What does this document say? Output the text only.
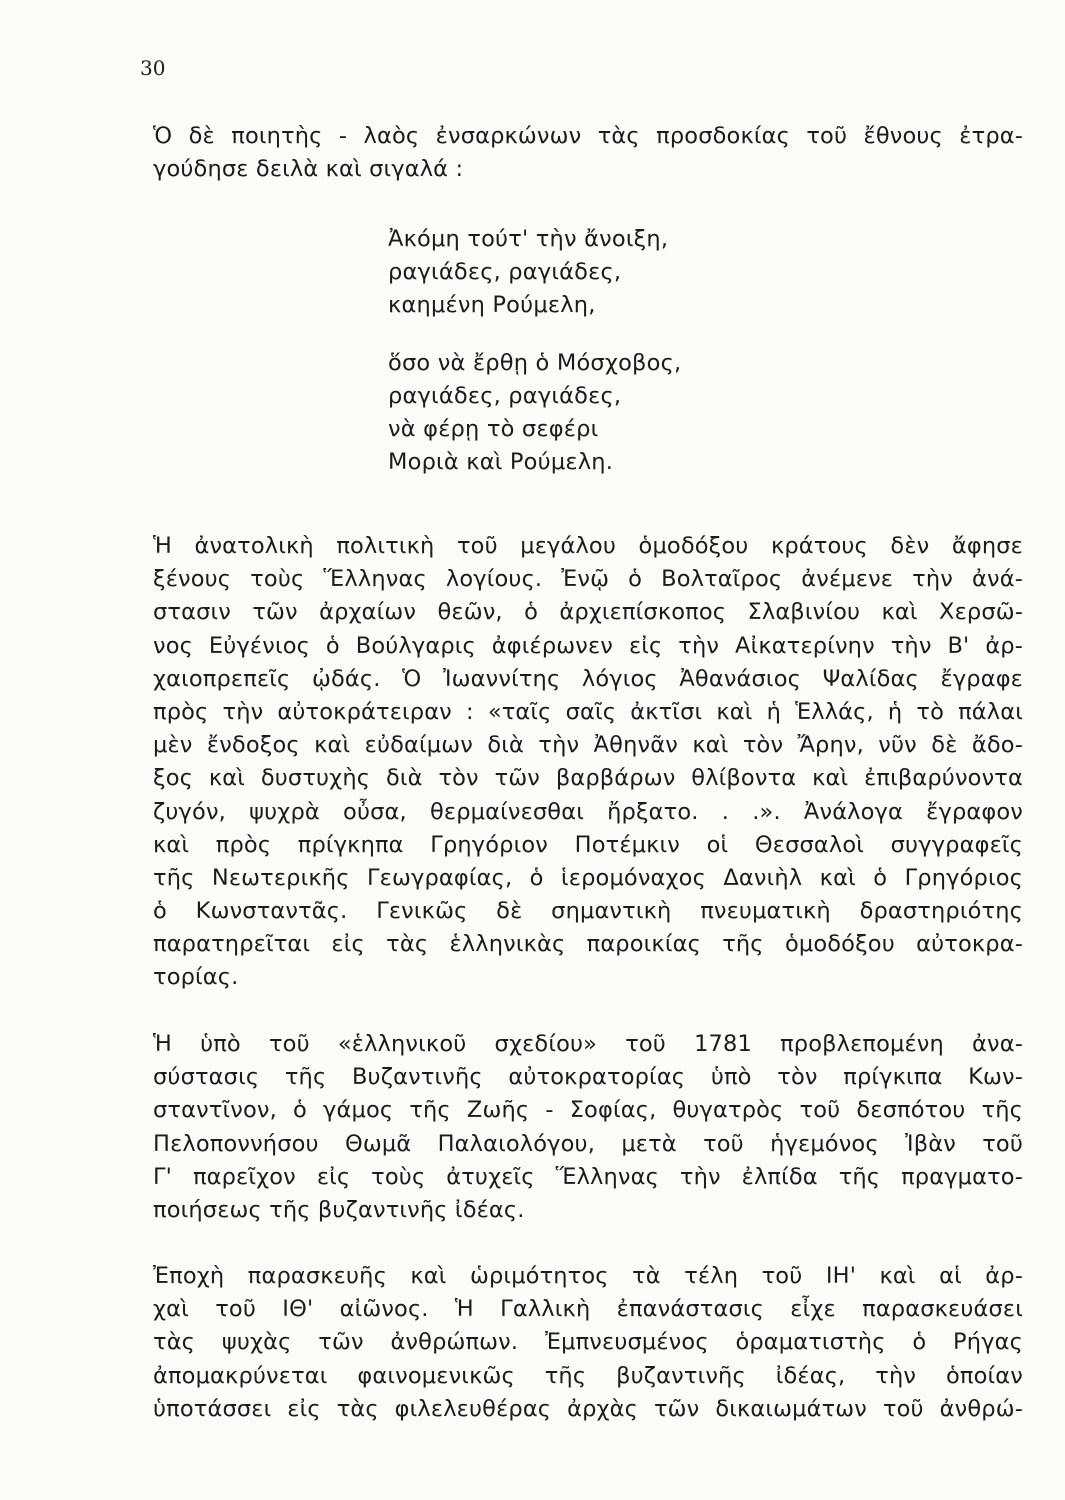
30
Ὁ δὲ ποιητὴς - λαὸς ἐνσαρκώνων τὰς προσδοκίας τοῦ ἔθνους ἐτρα-
γούδησε δειλὰ καὶ σιγαλά :
Ἀκόμη τούτ' τὴν ἄνοιξη,
ραγιάδες, ραγιάδες,
καημένη Ρούμελη,
ὅσο νὰ ἔρθῃ ὁ Μόσχοβος,
ραγιάδες, ραγιάδες,
νὰ φέρῃ τὸ σεφέρι
Μοριὰ καὶ Ρούμελη.
Ἡ ἀνατολικὴ πολιτικὴ τοῦ μεγάλου ὁμοδόξου κράτους δὲν ἄφησε
ξένους τοὺς Ἕλληνας λογίους. Ἐνῷ ὁ Βολταῖρος ἀνέμενε τὴν ἀνά-
στασιν τῶν ἀρχαίων θεῶν, ὁ ἀρχιεπίσκοπος Σλαβινίου καὶ Χερσῶ-
νος Εὐγένιος ὁ Βούλγαρις ἀφιέρωνεν εἰς τὴν Αἰκατερίνην τὴν Β' ἀρ-
χαιοπρεπεῖς ᾠδάς. Ὁ Ἰωαννίτης λόγιος Ἀθανάσιος Ψαλίδας ἔγραφε
πρὸς τὴν αὐτοκράτειραν : «ταῖς σαῖς ἀκτῖσι καὶ ἡ Ἑλλάς, ἡ τὸ πάλαι
μὲν ἔνδοξος καὶ εὐδαίμων διὰ τὴν Ἀθηνᾶν καὶ τὸν Ἄρην, νῦν δὲ ἄδο-
ξος καὶ δυστυχὴς διὰ τὸν τῶν βαρβάρων θλίβοντα καὶ ἐπιβαρύνοντα
ζυγόν, ψυχρὰ οὖσα, θερμαίνεσθαι ἤρξατο. . .». Ἀνάλογα ἔγραφον
καὶ πρὸς πρίγκηπα Γρηγόριον Ποτέμκιν οἱ Θεσσαλοὶ συγγραφεῖς
τῆς Νεωτερικῆς Γεωγραφίας, ὁ ἱερομόναχος Δανιὴλ καὶ ὁ Γρηγόριος
ὁ Κωνσταντᾶς. Γενικῶς δὲ σημαντικὴ πνευματικὴ δραστηριότης
παρατηρεῖται εἰς τὰς ἑλληνικὰς παροικίας τῆς ὁμοδόξου αὐτοκρα-
τορίας.
Ἡ ὑπὸ τοῦ «ἑλληνικοῦ σχεδίου» τοῦ 1781 προβλεπομένη ἀνα-
σύστασις τῆς Βυζαντινῆς αὐτοκρατορίας ὑπὸ τὸν πρίγκιπα Κων-
σταντῖνον, ὁ γάμος τῆς Ζωῆς - Σοφίας, θυγατρὸς τοῦ δεσπότου τῆς
Πελοποννήσου Θωμᾶ Παλαιολόγου, μετὰ τοῦ ἡγεμόνος Ἰβὰν τοῦ
Γ' παρεῖχον εἰς τοὺς ἀτυχεῖς Ἕλληνας τὴν ἐλπίδα τῆς πραγματο-
ποιήσεως τῆς βυζαντινῆς ἰδέας.
Ἐποχὴ παρασκευῆς καὶ ὡριμότητος τὰ τέλη τοῦ ΙΗ' καὶ αἱ ἀρ-
χαὶ τοῦ ΙΘ' αἰῶνος. Ἡ Γαλλικὴ ἐπανάστασις εἶχε παρασκευάσει
τὰς ψυχὰς τῶν ἀνθρώπων. Ἐμπνευσμένος ὁραματιστὴς ὁ Ρήγας
ἀπομακρύνεται φαινομενικῶς τῆς βυζαντινῆς ἰδέας, τὴν ὁποίαν
ὑποτάσσει εἰς τὰς φιλελευθέρας ἀρχὰς τῶν δικαιωμάτων τοῦ ἀνθρώ-
